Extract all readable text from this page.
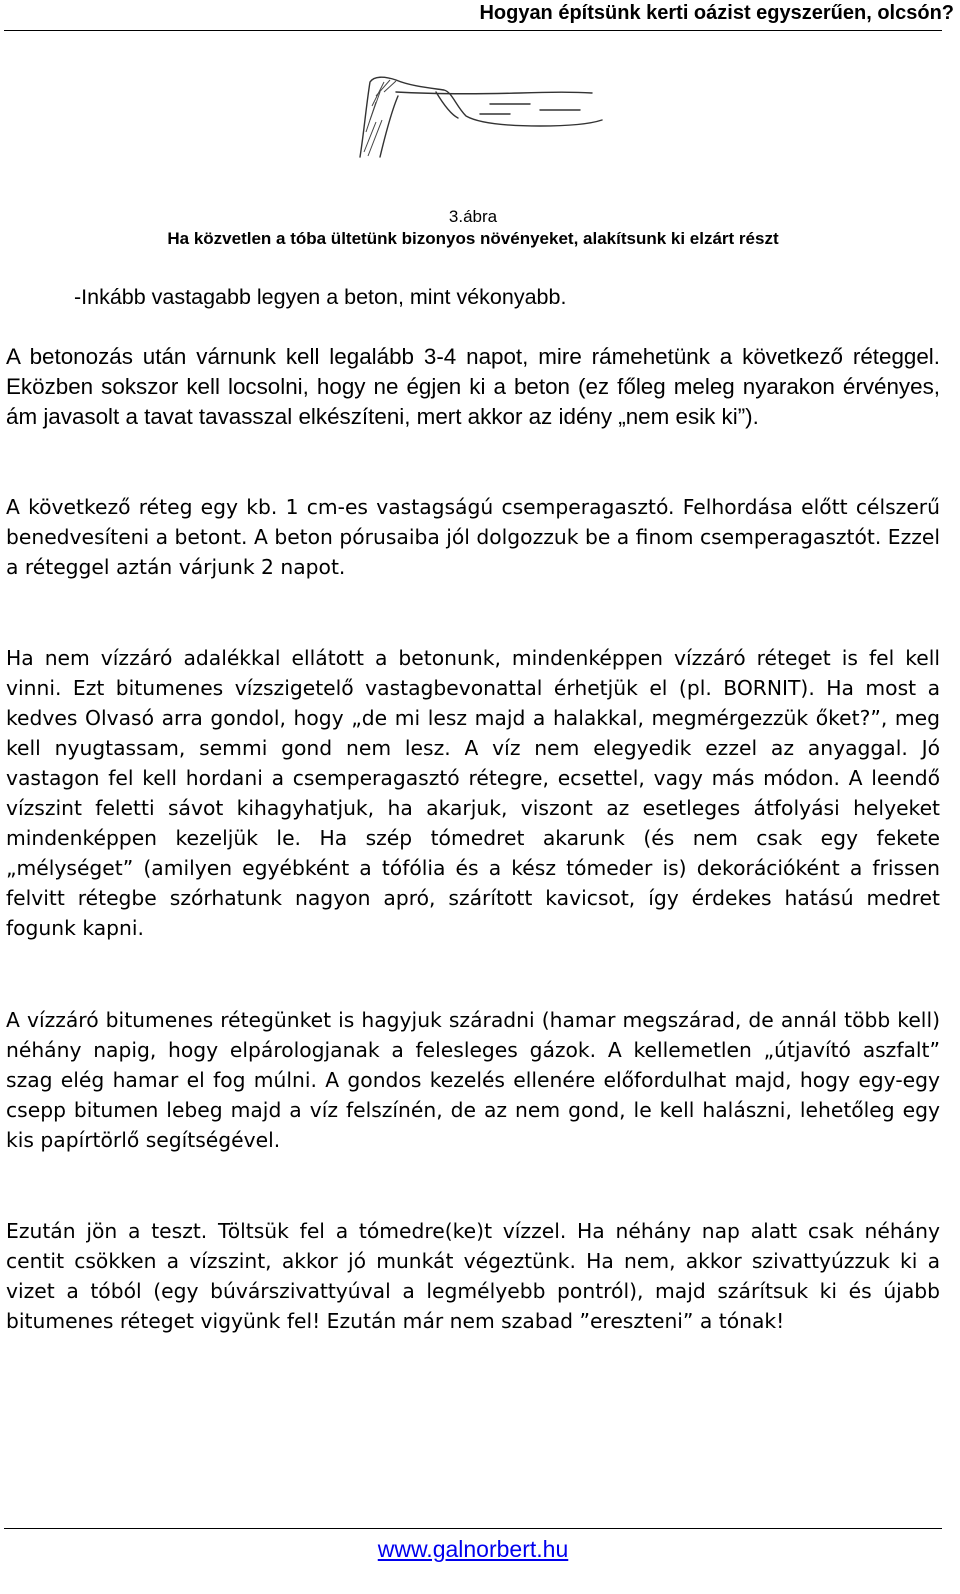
Hogyan építsünk kerti oázist egyszerűen, olcsón?
3.ábra
Ha közvetlen a tóba ültetünk bizonyos növényeket, alakítsunk ki elzárt részt
-Inkább vastagabb legyen a beton, mint vékonyabb.

A betonozás után várnunk kell legalább 3-4 napot, mire rámehetünk a következő réteggel. Eközben sokszor kell locsolni, hogy ne égjen ki a beton (ez főleg meleg nyarakon érvényes, ám javasolt a tavat tavasszal elkészíteni, mert akkor az idény „nem esik ki”).

A következő réteg egy kb. 1 cm-es vastagságú csemperagasztó. Felhordása előtt célszerű benedvesíteni a betont. A beton pórusaiba jól dolgozzuk be a finom csemperagasztót. Ezzel a réteggel aztán várjunk 2 napot.

Ha nem vízzáró adalékkal ellátott a betonunk, mindenképpen vízzáró réteget is fel kell vinni. Ezt bitumenes vízszigetelő vastagbevonattal érhetjük el (pl. BORNIT). Ha most a kedves Olvasó arra gondol, hogy „de mi lesz majd a halakkal, megmérgezzük őket?”, meg kell nyugtassam, semmi gond nem lesz. A víz nem elegyedik ezzel az anyaggal. Jó vastagon fel kell hordani a csemperagasztó rétegre, ecsettel, vagy más módon. A leendő vízszint feletti sávot kihagyhatjuk, ha akarjuk, viszont az esetleges átfolyási helyeket mindenképpen kezeljük le. Ha szép tómedret akarunk (és nem csak egy fekete „mélységet” (amilyen egyébként a tófólia és a kész tómeder is) dekorációként a frissen felvitt rétegbe szórhatunk nagyon apró, szárított kavicsot, így érdekes hatású medret fogunk kapni.

A vízzáró bitumenes rétegünket is hagyjuk száradni (hamar megszárad, de annál több kell) néhány napig, hogy elpárologjanak a felesleges gázok. A kellemetlen „útjavító aszfalt” szag elég hamar el fog múlni. A gondos kezelés ellenére előfordulhat majd, hogy egy-egy csepp bitumen lebeg majd a víz felszínén, de az nem gond, le kell halászni, lehetőleg egy kis papírtörlő segítségével.

Ezután jön a teszt. Töltsük fel a tómedre(ke)t vízzel. Ha néhány nap alatt csak néhány centit csökken a vízszint, akkor jó munkát végeztünk. Ha nem, akkor szivattyúzzuk ki a vizet a tóból (egy búvárszivattyúval a legmélyebb pontról), majd szárítsuk ki és újabb bitumenes réteget vigyünk fel! Ezután már nem szabad ”ereszteni” a tónak!

www.galnorbert.hu
